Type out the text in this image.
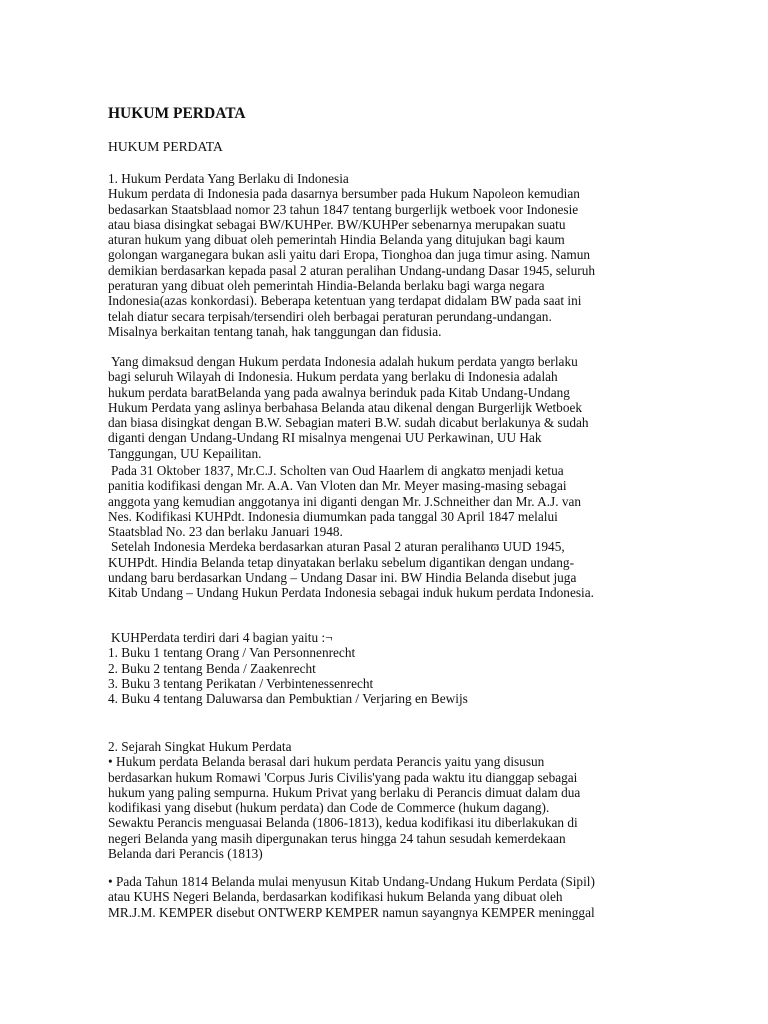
HUKUM PERDATA

HUKUM PERDATA

1. Hukum Perdata Yang Berlaku di Indonesia
Hukum perdata di Indonesia pada dasarnya bersumber pada Hukum Napoleon kemudian
bedasarkan Staatsblaad nomor 23 tahun 1847 tentang burgerlijk wetboek voor Indonesie
atau biasa disingkat sebagai BW/KUHPer. BW/KUHPer sebenarnya merupakan suatu
aturan hukum yang dibuat oleh pemerintah Hindia Belanda yang ditujukan bagi kaum
golongan warganegara bukan asli yaitu dari Eropa, Tionghoa dan juga timur asing. Namun
demikian berdasarkan kepada pasal 2 aturan peralihan Undang-undang Dasar 1945, seluruh
peraturan yang dibuat oleh pemerintah Hindia-Belanda berlaku bagi warga negara
Indonesia(azas konkordasi). Beberapa ketentuan yang terdapat didalam BW pada saat ini
telah diatur secara terpisah/tersendiri oleh berbagai peraturan perundang-undangan.
Misalnya berkaitan tentang tanah, hak tanggungan dan fidusia.
Yang dimaksud dengan Hukum perdata Indonesia adalah hukum perdata yangϖ berlaku
bagi seluruh Wilayah di Indonesia. Hukum perdata yang berlaku di Indonesia adalah
hukum perdata baratBelanda yang pada awalnya berinduk pada Kitab Undang-Undang
Hukum Perdata yang aslinya berbahasa Belanda atau dikenal dengan Burgerlijk Wetboek
dan biasa disingkat dengan B.W. Sebagian materi B.W. sudah dicabut berlakunya & sudah
diganti dengan Undang-Undang RI misalnya mengenai UU Perkawinan, UU Hak
Tanggungan, UU Kepailitan.
Pada 31 Oktober 1837, Mr.C.J. Scholten van Oud Haarlem di angkatϖ menjadi ketua
panitia kodifikasi dengan Mr. A.A. Van Vloten dan Mr. Meyer masing-masing sebagai
anggota yang kemudian anggotanya ini diganti dengan Mr. J.Schneither dan Mr. A.J. van
Nes. Kodifikasi KUHPdt. Indonesia diumumkan pada tanggal 30 April 1847 melalui
Staatsblad No. 23 dan berlaku Januari 1948.
Setelah Indonesia Merdeka berdasarkan aturan Pasal 2 aturan peralihanϖ UUD 1945,
KUHPdt. Hindia Belanda tetap dinyatakan berlaku sebelum digantikan dengan undang-
undang baru berdasarkan Undang – Undang Dasar ini. BW Hindia Belanda disebut juga
Kitab Undang – Undang Hukun Perdata Indonesia sebagai induk hukum perdata Indonesia.
KUHPerdata terdiri dari 4 bagian yaitu :¬
1. Buku 1 tentang Orang / Van Personnenrecht
2. Buku 2 tentang Benda / Zaakenrecht
3. Buku 3 tentang Perikatan / Verbintenessenrecht
4. Buku 4 tentang Daluwarsa dan Pembuktian / Verjaring en Bewijs
2. Sejarah Singkat Hukum Perdata
• Hukum perdata Belanda berasal dari hukum perdata Perancis yaitu yang disusun
berdasarkan hukum Romawi 'Corpus Juris Civilis'yang pada waktu itu dianggap sebagai
hukum yang paling sempurna. Hukum Privat yang berlaku di Perancis dimuat dalam dua
kodifikasi yang disebut (hukum perdata) dan Code de Commerce (hukum dagang).
Sewaktu Perancis menguasai Belanda (1806-1813), kedua kodifikasi itu diberlakukan di
negeri Belanda yang masih dipergunakan terus hingga 24 tahun sesudah kemerdekaan
Belanda dari Perancis (1813)
• Pada Tahun 1814 Belanda mulai menyusun Kitab Undang-Undang Hukum Perdata (Sipil)
atau KUHS Negeri Belanda, berdasarkan kodifikasi hukum Belanda yang dibuat oleh
MR.J.M. KEMPER disebut ONTWERP KEMPER namun sayangnya KEMPER meninggal
